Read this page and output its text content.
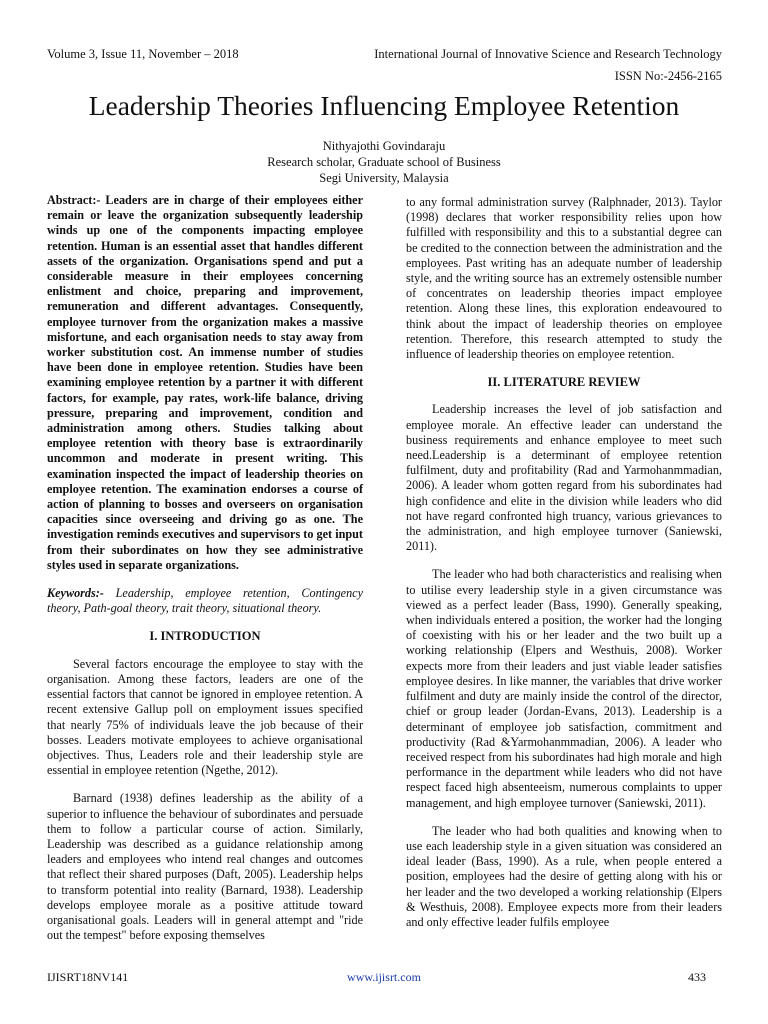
Volume 3, Issue 11, November – 2018	International Journal of Innovative Science and Research Technology
ISSN No:-2456-2165
Leadership Theories Influencing Employee Retention
Nithyajothi Govindaraju
Research scholar, Graduate school of Business
Segi University, Malaysia

Abstract:- Leaders are in charge of their employees either remain or leave the organization subsequently leadership winds up one of the components impacting employee retention. Human is an essential asset that handles different assets of the organization. Organisations spend and put a considerable measure in their employees concerning enlistment and choice, preparing and improvement, remuneration and different advantages. Consequently, employee turnover from the organization makes a massive misfortune, and each organisation needs to stay away from worker substitution cost. An immense number of studies have been done in employee retention. Studies have been examining employee retention by a partner it with different factors, for example, pay rates, work-life balance, driving pressure, preparing and improvement, condition and administration among others. Studies talking about employee retention with theory base is extraordinarily uncommon and moderate in present writing. This examination inspected the impact of leadership theories on employee retention. The examination endorses a course of action of planning to bosses and overseers on organisation capacities since overseeing and driving go as one. The investigation reminds executives and supervisors to get input from their subordinates on how they see administrative styles used in separate organizations.

Keywords:- Leadership, employee retention, Contingency theory, Path-goal theory, trait theory, situational theory.

I. INTRODUCTION

Several factors encourage the employee to stay with the organisation. Among these factors, leaders are one of the essential factors that cannot be ignored in employee retention. A recent extensive Gallup poll on employment issues specified that nearly 75% of individuals leave the job because of their bosses. Leaders motivate employees to achieve organisational objectives. Thus, Leaders role and their leadership style are essential in employee retention (Ngethe, 2012).

Barnard (1938) defines leadership as the ability of a superior to influence the behaviour of subordinates and persuade them to follow a particular course of action. Similarly, Leadership was described as a guidance relationship among leaders and employees who intend real changes and outcomes that reflect their shared purposes (Daft, 2005). Leadership helps to transform potential into reality (Barnard, 1938). Leadership develops employee morale as a positive attitude toward organisational goals. Leaders will in general attempt and "ride out the tempest" before exposing themselves

to any formal administration survey (Ralphnader, 2013). Taylor (1998) declares that worker responsibility relies upon how fulfilled with responsibility and this to a substantial degree can be credited to the connection between the administration and the employees. Past writing has an adequate number of leadership style, and the writing source has an extremely ostensible number of concentrates on leadership theories impact employee retention. Along these lines, this exploration endeavoured to think about the impact of leadership theories on employee retention. Therefore, this research attempted to study the influence of leadership theories on employee retention.

II. LITERATURE REVIEW

Leadership increases the level of job satisfaction and employee morale. An effective leader can understand the business requirements and enhance employee to meet such need.Leadership is a determinant of employee retention fulfilment, duty and profitability (Rad and Yarmohanmmadian, 2006). A leader whom gotten regard from his subordinates had high confidence and elite in the division while leaders who did not have regard confronted high truancy, various grievances to the administration, and high employee turnover (Saniewski, 2011).

The leader who had both characteristics and realising when to utilise every leadership style in a given circumstance was viewed as a perfect leader (Bass, 1990). Generally speaking, when individuals entered a position, the worker had the longing of coexisting with his or her leader and the two built up a working relationship (Elpers and Westhuis, 2008). Worker expects more from their leaders and just viable leader satisfies employee desires. In like manner, the variables that drive worker fulfilment and duty are mainly inside the control of the director, chief or group leader (Jordan-Evans, 2013). Leadership is a determinant of employee job satisfaction, commitment and productivity (Rad &Yarmohanmmadian, 2006). A leader who received respect from his subordinates had high morale and high performance in the department while leaders who did not have respect faced high absenteeism, numerous complaints to upper management, and high employee turnover (Saniewski, 2011).

The leader who had both qualities and knowing when to use each leadership style in a given situation was considered an ideal leader (Bass, 1990). As a rule, when people entered a position, employees had the desire of getting along with his or her leader and the two developed a working relationship (Elpers & Westhuis, 2008). Employee expects more from their leaders and only effective leader fulfils employee

IJISRT18NV141	www.ijisrt.com	433
